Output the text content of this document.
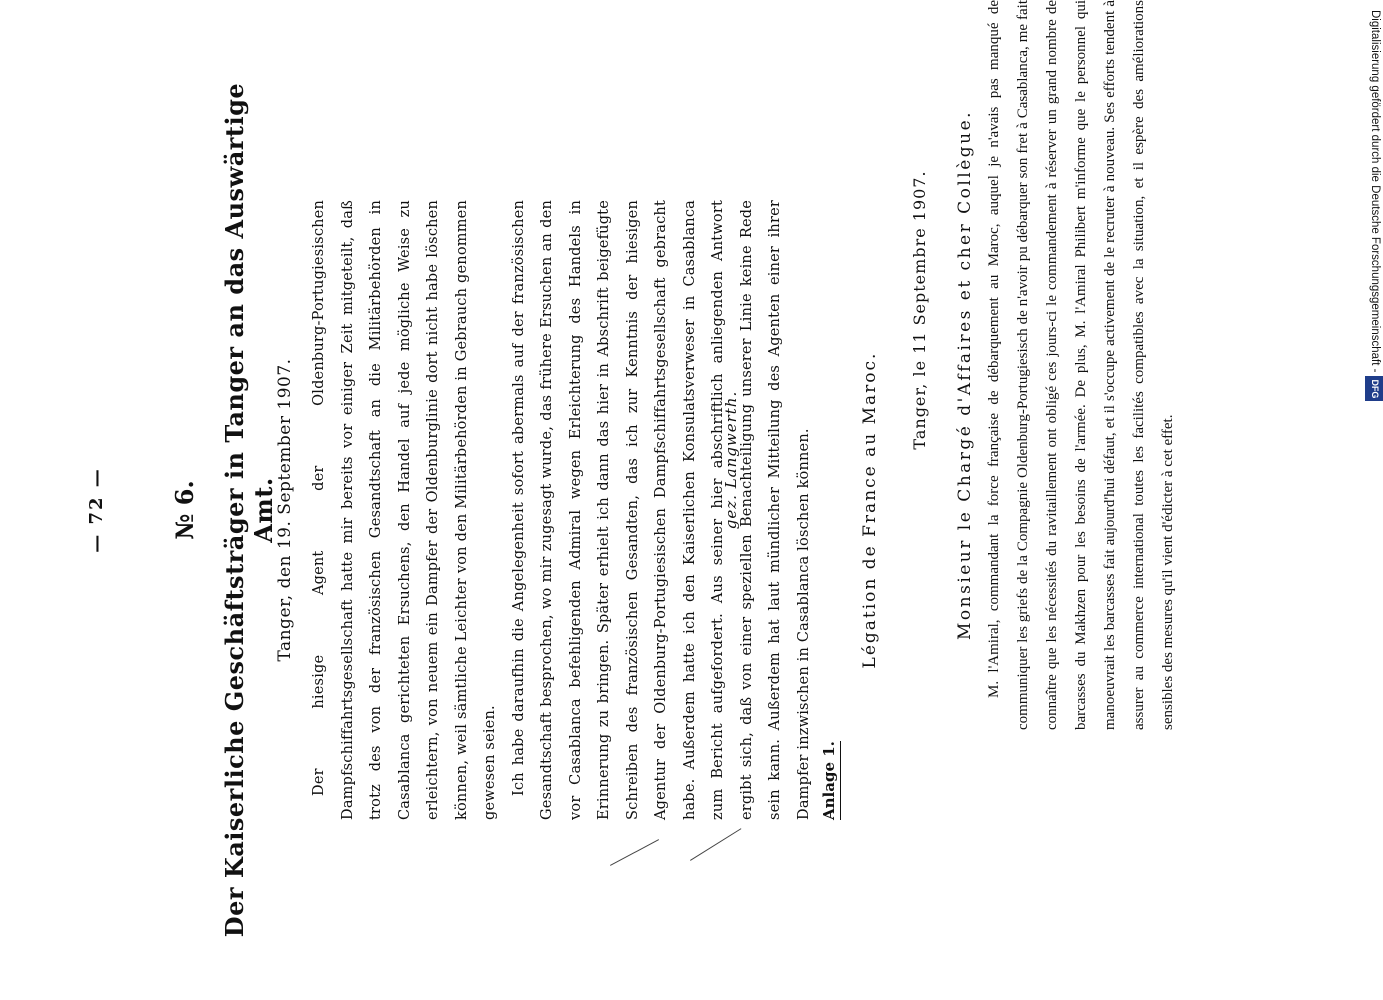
— 72 —	№ 6. Der Kaiserliche Geschäftsträger in Tanger an das Auswärtige Amt.
Tanger, den 19. September 1907.	Der hiesige Agent der Oldenburg-Portugiesischen Dampfschiffahrtsgesellschaft hatte mir bereits vor einiger Zeit mitgeteilt, daß trotz des von der französischen Gesandtschaft an die Militärbehörden in Casablanca gerichteten Ersuchens, den Handel auf jede mögliche Weise zu erleichtern, von neuem ein Dampfer der Oldenburglinie dort nicht habe löschen können, weil sämtliche Leichter von den Militärbehörden in Gebrauch genommen gewesen seien. Ich habe daraufhin die Angelegenheit sofort abermals auf der französischen Gesandtschaft besprochen, wo mir zugesagt wurde, das frühere Ersuchen an den vor Casablanca befehligenden Admiral wegen Erleichterung des Handels in Erinnerung zu bringen. Später erhielt ich dann das hier in Abschrift beigefügte Schreiben des französischen Gesandten, das ich zur Kenntnis der hiesigen Agentur der Oldenburg-Portugiesischen Dampfschiffahrtsgesellschaft gebracht habe. Außerdem hatte ich den Kaiserlichen Konsulatsverweser in Casablanca zum Bericht aufgefordert. Aus seiner hier abschriftlich anliegenden Antwort ergibt sich, daß von einer speziellen Benachteiligung unserer Linie keine Rede sein kann. Außerdem hat laut mündlicher Mitteilung des Agenten einer ihrer Dampfer inzwischen in Casablanca löschen können.

gez. Langwerth.
Anlage 1.
Légation de France au Maroc.
Tanger, le 11 Septembre 1907. Monsieur le Chargé d'Affaires et cher Collègue. M. l'Amiral, commandant la force française de débarquement au Maroc, auquel je n'avais pas manqué de communiquer les griefs de la Compagnie Oldenburg-Portugiesisch de n'avoir pu débarquer son fret à Casablanca, me fait connaître que les nécessités du ravitaillement ont obligé ces jours-ci le commandement à réserver un grand nombre de barcasses du Makhzen pour les besoins de l'armée. De plus, M. l'Amiral Philibert m'informe que le personnel qui manoeuvrait les barcasses fait aujourd'hui défaut, et il s'occupe activement de le recruter à nouveau. Ses efforts tendent à assurer au commerce international toutes les facilités compatibles avec la situation, et il espère des améliorations sensibles des mesures qu'il vient d'édicter à cet effet.

DFG
Digitalisierung gefördert durch die Deutsche Forschungsgemeinschaft -
